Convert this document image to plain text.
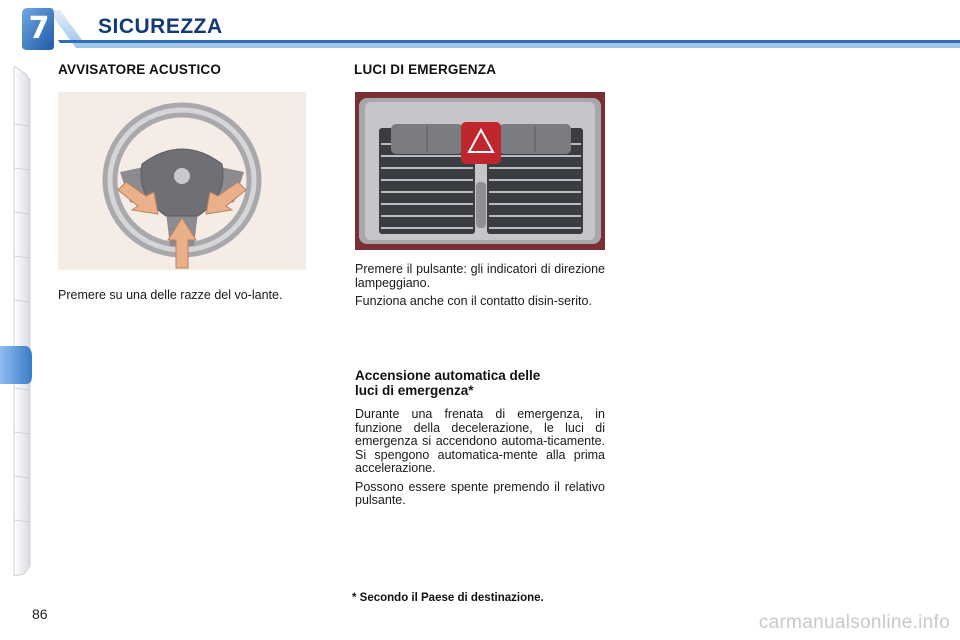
7 SICUREZZA
AVVISATORE ACUSTICO

Premere su una delle razze del vo-lante.

LUCI DI EMERGENZA

Premere il pulsante: gli indicatori di direzione lampeggiano.

Funziona anche con il contatto disin-serito.

Accensione automatica delle
luci di emergenza*

Durante una frenata di emergenza, in funzione della decelerazione, le luci di emergenza si accendono automa-ticamente. Si spengono automatica-mente alla prima accelerazione.

Possono essere spente premendo il relativo pulsante.

* Secondo il Paese di destinazione.
86	carmanualsonline.info
